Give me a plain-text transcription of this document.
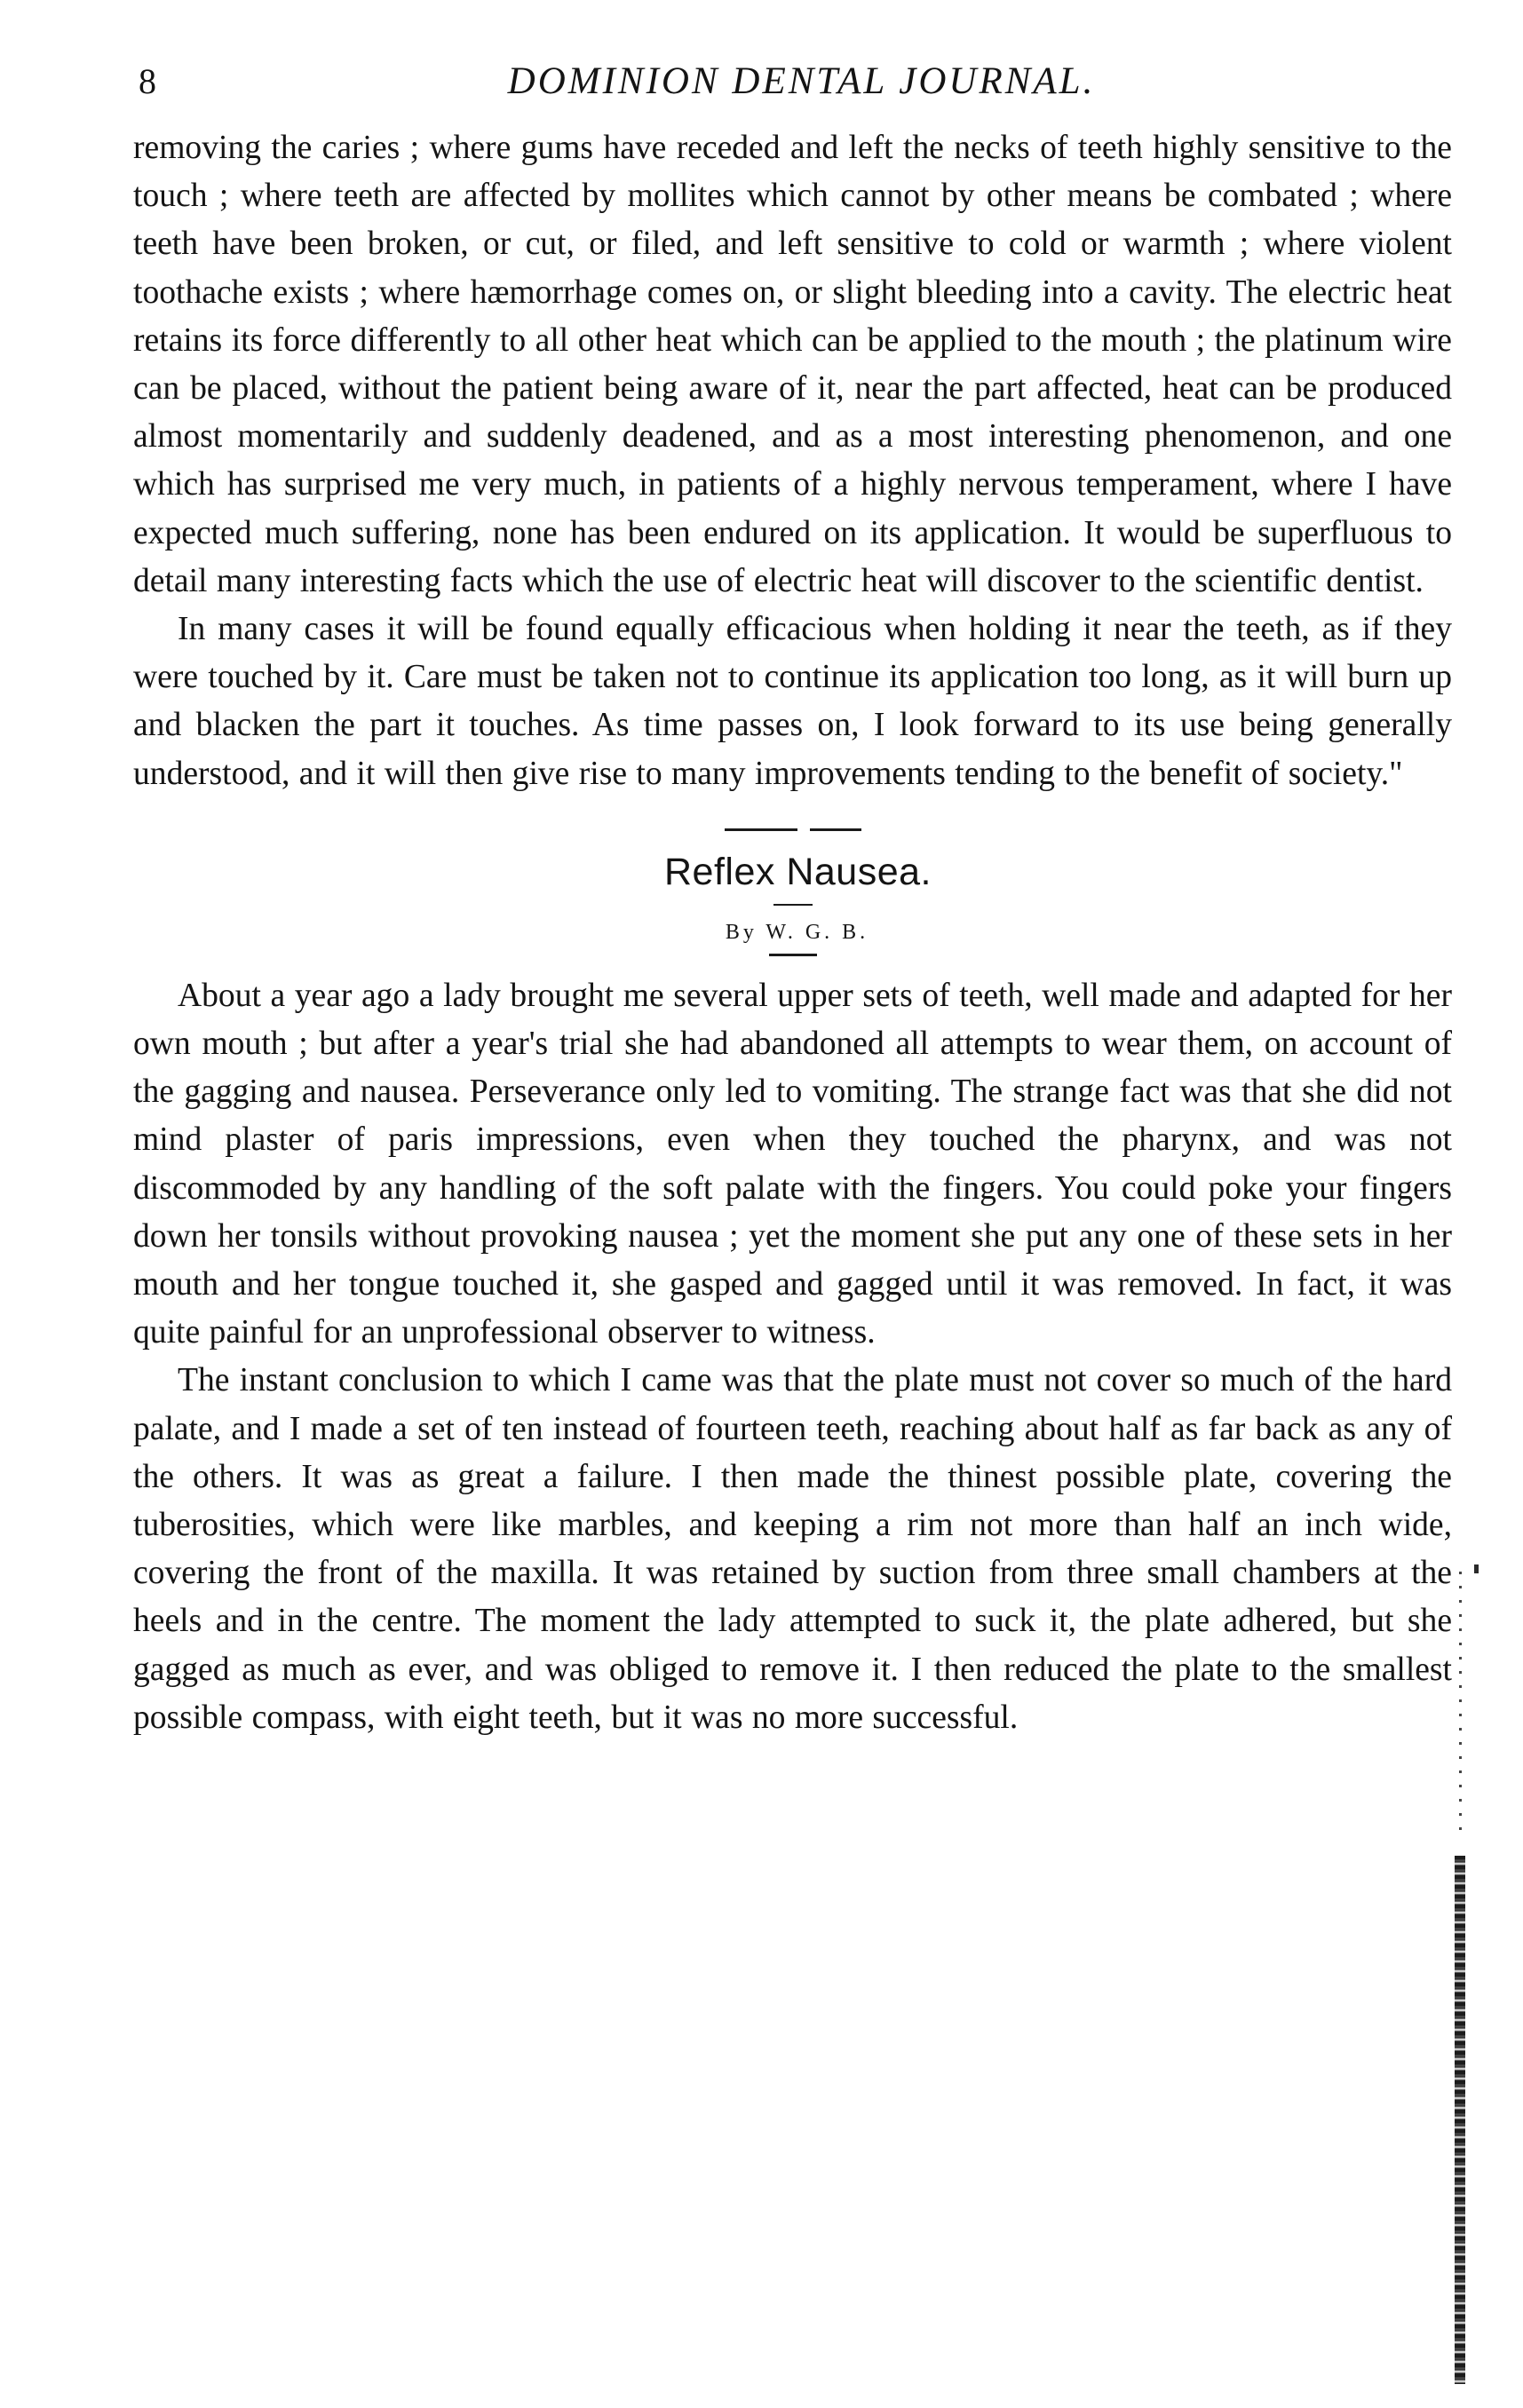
8	DOMINION DENTAL JOURNAL.

removing the caries ; where gums have receded and left the necks of teeth highly sensitive to the touch ; where teeth are affected by mollites which cannot by other means be combated ; where teeth have been broken, or cut, or filed, and left sensitive to cold or warmth ; where violent toothache exists ; where hæmorrhage comes on, or slight bleeding into a cavity. The electric heat retains its force differently to all other heat which can be applied to the mouth ; the platinum wire can be placed, without the patient being aware of it, near the part affected, heat can be produced almost momentarily and suddenly deadened, and as a most interesting phenomenon, and one which has surprised me very much, in patients of a highly nervous temperament, where I have expected much suffering, none has been endured on its application. It would be superfluous to detail many interesting facts which the use of electric heat will discover to the scientific dentist.

In many cases it will be found equally efficacious when holding it near the teeth, as if they were touched by it. Care must be taken not to continue its application too long, as it will burn up and blacken the part it touches. As time passes on, I look forward to its use being generally understood, and it will then give rise to many improvements tending to the benefit of society."

Reflex Nausea.
By W. G. B.

About a year ago a lady brought me several upper sets of teeth, well made and adapted for her own mouth ; but after a year's trial she had abandoned all attempts to wear them, on account of the gagging and nausea. Perseverance only led to vomiting. The strange fact was that she did not mind plaster of paris impressions, even when they touched the pharynx, and was not discommoded by any handling of the soft palate with the fingers. You could poke your fingers down her tonsils without provoking nausea ; yet the moment she put any one of these sets in her mouth and her tongue touched it, she gasped and gagged until it was removed. In fact, it was quite painful for an unprofessional observer to witness.

The instant conclusion to which I came was that the plate must not cover so much of the hard palate, and I made a set of ten instead of fourteen teeth, reaching about half as far back as any of the others. It was as great a failure. I then made the thinest possible plate, covering the tuberosities, which were like marbles, and keeping a rim not more than half an inch wide, covering the front of the maxilla. It was retained by suction from three small chambers at the heels and in the centre. The moment the lady attempted to suck it, the plate adhered, but she gagged as much as ever, and was obliged to remove it. I then reduced the plate to the smallest possible compass, with eight teeth, but it was no more successful.
